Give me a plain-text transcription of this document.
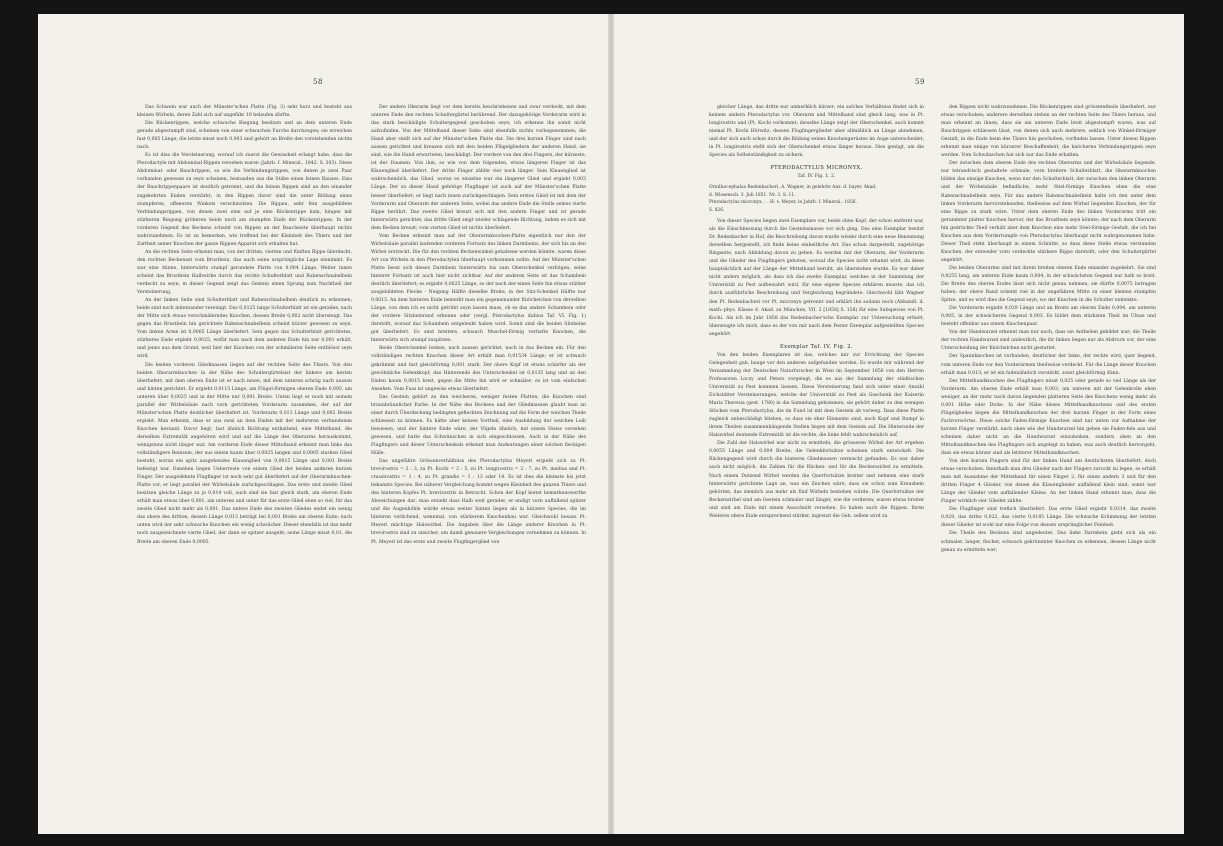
58

Das Schwein war auch der Münster'schen Platte (Fig. 3) sehr kurz und besteht aus kleinen Wirbeln, deren Zahl sich auf ungefähr 10 belaufen dürfte.

Die Rückenrippen, welche schwache Biegung besitzen und an dem unteren Ende gerade abgestumpft sind, scheinen von einer schwachen Furche durchzogen; sie erreichen fast 0,005 Länge, die letzte misst noch 0,003 und gehört an Breite den vorstehenden nichts nach.

Es ist dies die Versteinerung, worauf ich zuerst die Gewissheit erlangt habe, dass die Pterodactyle mit Abdominal-Rippen versehen waren (Jahrb. f. Mineral., 1842. S. 303). Diese Abdominal- oder Bauchrippen, so wie die Verbindungsrippen, von denen je zwei Paar vorhanden gewesen zu seyn scheinen, bestanden aus die Stäbe einen feinen Bauses. Eins der Bauchrippenpaare ist deutlich getrennt, und die feinen Rippen sind an den einander zugekehrten Enden verstärkt; in den Rippen davor sind die unter Bildung eines stumpferen, offeneren Winkels verschmolzen. Die Rippen, sehr fein ausgebildete Verbindungsrippen, von denen zwei eine auf je eine Rückenrippe kam, hingen mit stärkeren Biegung gröberen beide noch am stumpfen Ende der Rückenrippen. In der vorderen Gegend des Beckens scheint von Rippen an der Bauchseite überhaupt nichts wahrzunehmen. Es ist zu bemerken, wie treffend bei der Kleinheit des Thiers und der Zartheit seiner Knochen der ganze Rippen-Apparat sich erhalten hat.

An die rechten Seite erkennt man, von der dritten, vierten und fünften Rippe überdeckt, den rechten Beckenast vom Brustbein, das auch seine ursprüngliche Lage einnimmt. Es war eine dünne, hinterwärts stumpf gerundete Platte von 0,004 Länge. Weiter innen scheint das Brustbein Halbwirbe durch das rechte Schulterblatt und Rabenschnabelbein verdeckt zu seyn; in dieser Gegend zeigt das Gestein einen Sprung zum Nachtheil der Versteinerung.

An der linken Seite sind Schulterblatt und Rabenschnabelbein deutlich zu erkennen; beide sind noch miteinander vereinigt. Das 0,0125 lange Schulterblatt ist ein gerades, nach der Mitte sich etwas verschmälerndes Knochen, dessen Breite 0,002 nicht übersteigt. Das gegen das Brustbein hin gerichtete Rabenschnabelbein scheint kürzer gewesen zu seyn. Vom linken Arme ist 0,0065 Länge überliefert. Sein gegen das Schulterblatt gerichtetes, stärkeres Ende ergiebt 0,0025, wofür man nach dem anderen Ende hin nur 0,001 erhält, und jenes aus dem Grund, weil hier der Knochen von der schmäleren Seite entblösst seyn wird.

Die beiden vorderen Gliedmassen liegen auf der rechten Seite des Thiers. Von den beiden Oberarmknochen in der Nähe des Schultergürtelsist der linkere am besten überliefert; mit dem oberen Ende ist er nach innen, mit dem unteren schräg nach aussen und hinten gerichtet. Er ergiebt 0,0115 Länge, am Flügel-förmigen oberen Ende 0,005, am unteren über 0,0025 und in der Mitte nur 0,001 Breite. Unten liegt er noch mit seinem parallel der Wirbelsäule nach vorn gerichteten Vorderarm zusammen, der auf der Münster'schen Platte deutlicher überliefert ist. Vorderarm 0,013 Länge und 0,002 Breite ergiebt. Man erkennt, dass er aus zwei an dem Enden mit der mehreren verbundenen Knochen bestand. Davor liegt, fast ähnlich Richtung enthaltend, eine Mittelhand, die derselben Extremität angehören wird und auf die Länge des Oberarms herauskommt, wenigstens nicht länger war. Am vorderen Ende dieser Mittelhand erkennt man links das vollständigere Beinsein, der aus einem kaum über 0,0025 langen und 0,0005 starken Glied besteht, woran ein spitz ausgehendes Klauenglied von 0,0015 Länge und 0,001 Breite befestigt war. Daneben liegen Ueberreste von einem Glied der beiden anderen kurzen Finger. Der ausgedehnte Flugfinger ist noch sehr gut überliefert auf der Oberarmknochen-Platte vor, er liegt parallel der Wirbelsäule zurückgeschlagen. Das erste und zweite Glied besitzen gleiche Länge zu je 0,014 voll, auch sind sie fast gleich stark, am oberen Ende erhält man etwas über 0,001, am unteren und unter für das erste Glied eben so viel, für das zweite Glied nicht mehr als 0,001. Das untere Ende des zweiten Gliedes endet ein wenig das obere des dritten, dessen Länge 0,013 beträgt bei 0,001 Breite am oberen Ende; nach unten wird der sehr schwache Knochen ein wenig schwächer. Dieser ebenfalls ist das mehr noch ausgezeichnete vierte Glied, der dann es spitzer ausgeht; seine Länge misst 0,01, die Breite am oberen Ende 0,0005.

Der andere Oberarm liegt vor dem bereits beschriebenen und zwar verdeckt, mit dem unteren Ende den rechten Schultergürtel berührend. Der dazugehörige Vorderarm wird in das stark beschädigte Schultergegend geschoben seyn; ich erkenne ihn somit nicht aufzufinden. Von der Mittelhand dieser Seite sind ebenfalls nichts vorbegenommen; die Hand aber stellt sich auf der Münster'schen Platte dar. Die drei kurzen Finger sind nach aussen gerichtet und kreuzen sich mit den beiden Flügelgliedern der anderen Hand, sie sind, wie die Hand erwarteten, beschädigt. Der vordere von den drei Fingern, der kürzeste, ist der Daumen. Von ihm, so wie von dem folgenden, etwas längeren Finger ist das Klauenglied überliefert. Der dritte Finger zählte vier noch länger. Sein Klauenglied ist wahrscheinlich, das Glied, woran es einzelne war ein längerer Glied und ergiebt 0,003 Länge. Der zu dieser Hand gehörige Flugfinger ist auch auf der Münster'schen Platte besser überliefert; er liegt nach innen zurückgeschlagen. Sein erstes Glied ist mit dem der Vorderarm und Oberarm der anderen Seite, wobei das andere Ende die Stelle seines vierte Rippe berührt. Das zweite Glied kreuzt sich mit den andern Finger und ist gerade hinterwärts gerichtet; das dritte Glied zeigt wieder schlagende Richtung, indem es sich mit dem Becken kreuzt; vom vierten Glied ist nichts überliefert.

Vom Becken erkennt man auf der Oberarmknochen-Platte eigentlich nur den der Wirbelsäule parallel laufenden vorderen Fortsatz des linken Darmbeins, der sich bis an den Wirbel erstreckt. Die für den rechten Beckenwinkel gehaltene werden könnte, waren diese Art von Wirbeln in den Pterodactylen überhaupt vorkommen sollte. Auf der Münster'schen Platte liesst sich dieses Darmbein hinterwärts bis zum Oberschenkel verfolgen, seine hinterer Fortsatz ist auch hier nicht sichtbar. Auf der anderen Seite ist das Schambein deutlich überliefert; es ergiebt 0,0025 Länge, so der nach der einen Seite hin etwas stärker ausgebildeten Flecke - Neigung Hälfte dieselbe Breite, in der Sitz-Schenkel Hälfte nur 0,0015. An dem hinteren Ende bemerkt man ein gegeneinander Knöchelchen von derselben Länge, von dem ich es nicht getrübt seyn lassen muss, ob es das andere Schambein oder der vordere Sitzbeinrand erkenne oder (vergl. Pterodactylus dubius Taf. VI. Fig. 1) darstellt, worauf das Schambein entgelenkt haben wird. Somit sind die beiden Sitzbeine gut überliefert. Es sind breitere, schwach Muschel-förmig vertiefte Knochen, die hinterwärts sich stumpf zuspitzen.

Beide Oberschenkel lenken, nach aussen gerichtet, noch in das Becken ein. Für den vollständigen rechten Knochen dieser Art erhält man 0,01534 Länge; er ist schwach gekrümmt und fast gleichförmig 0,001 stark. Der obere Kopf ist etwas schärfer als der gewöhnliche Gelenkkopf; das Hinterende des Unterschenkel ist 0,0135 lang und an den Enden kaum 0,0015 breit, gegen die Mitte hin wird er schmäler; es ist vom einfachen Ansehen. Vom Fuss ist ungewiss etwas überliefert.

Das Gestein gehört zu den weicheren, weniger festen Platten, die Knochen sind braunbräunlicher Farbe. In der Nähe des Beckens und der Gliedmassen glaubt man an einer durch Überdeckung bedingten gefleckten Zeichnung auf die Form der weichen Theile schliessen zu können. Es hätte aber keinen Vortheil, eine Ausbildung der weichen Leib bewiesen, und der hintere Ende wäre, der Vögeln ähnlich, mit einem Steiss versehen gewesen, und hatte das Schwänzchen in sich eingeschlossen. Auch in der Nähe des Flugfingers und dieser Unterschenkels erkennt man Andeutungen einer solchen fleckigen Hülle.

Das ungefähre Grössenverhältniss des Pterodactylus Meyeri ergiebt sich zu Pt. brevirostris = 2 : 3, zu Pt. Kochi = 2 : 5, zu Pt. longirostris = 2 : 7, zu Pt. medius und Pt. crassirostris = 1 : 4, zu Pt. grandis = 1 : 13 oder 14. Es ist dies die kleinste bis jetzt bekannte Species. Bei näherer Vergleichung kommt wegen Kleinheit des ganzen Thiers und des hinteren Kopfes Pt. brevirostris in Betracht. Schon der Kopf bietet bemerkenswerthe Abweichungen dar; man ersieht dass Halb weit gerader, er endigt vorn auffallend spitzer und die Augenhöhle würde etwas weiter hinten liegen als in kürzere Species, die im hinteren verlichend, wennmal, von stärkerem Knochenbau war. Gleichwohl besass Pt. Meyeri mächtige Halswirbel. Die Angaben über die Länge anderer Knochen in Pt. brevirostris sind zu unsicher, um damit genauere Vergleichungen vornehmen zu können. In Pt. Meyeri ist das erste und zweite Flugfingerglied von

59

gleicher Länge, das dritte nur unmerklich kürzer; ein solches Verhältniss findet sich in keinem andern Pterodactylus vor. Oberarm und Mittelhand sind gleich lang, was in Pt. longirostris und (Pt. Kochi vorkommt; dieselbe Länge zeigt der Oberschenkel, auch kommt niemal Pt. Kochi Hörwitz, dessen Flugfingerglieder aber allmählich an Länge abnehmen, und der sich auch schon durch die Bildung seines Knochengerüstes im Auge unterscheidet; in Pt. longirostris stellt sich der Oberschenkel etwas länger heraus. Dies genügt, um die Species als Selbstständigkeit zu sichern.

PTERODACTYLUS MICRONYX.
Taf. IV. Fig. 1. 2.
Ornithocephalus Redenbacheri, A. Wagner, in gelehrte Anz. d. bayer. Akad.
d. Wissensch. 3. Juli 1851. Nr. 3. S. 11.
Pterodactylus micronyx, . . H. v. Meyer, in Jahrb. f. Mineral., 1856.
S. 826.

Von dieser Species liegen zwei Exemplare vor, beide ohne Kopf, der schon entfernt war, als die Einschliessung durch die Gesteinsmasse vor sich ging. Das eine Exemplar besitzt Dr. Redenbacher in Hof, die Beschreibung davon wurde wieder durch eine neue Benennung derselben hergestellt, ich finde keine einheitliche Art. Das schon dargestellt, zugehörige Ringseite, nach Abbildung davon zu geben. Es werden mir der Oberarm, der Vorderarm und die Glieder des Flugfingers geboten, worauf die Species nicht erkannt wird, da diese hauptsächlich auf der Länge der Mittelhand beruht, als überstehen wurde. Es war daher nicht anders möglich, als dass ich das zweite Exemplar, welches in der Sammlung der Universität zu Pest aufbewahrt wird, für eine eigene Species erklären musste, das ich durch ausführliche Beschreibung und Vergleichung begründete. Gleichwohl läht Wagner den Pt. Redenbacheri vor Pt. micronyx getrennt und erklärt ihn sodann noch (Abhandl. d. math.-phys. Klasse d. Akad. zu München, VII. 2 [1858] S. 158) für eine Subspecies von Pt. Kochi. Als ich im Jahr 1858 das Redenbacher'sche Exemplar zur Untersuchung erhielt, überzeugte ich mich, dass es der von mir nach dem Pester Exemplar aufgestellten Species angehört.

Exemplar Taf. IV. Fig. 2.

Von den beiden Exemplaren ist das, welches mir zur Errichtung der Species Gelegenheit gab, bauge vor den anderen aufgefunden worden. Es wurde mir während der Versammlung der Deutschen Naturforscher in Wien im September 1856 von den Herren Professoren Loczy und Peters vorgelegt, die es aus der Sammlung der städtischen Universität zu Pest kommen liessen. Diese Versteinerung fand sich unter einer Anzahl Eichstätter Versteinerungen, welche der Universität zu Pest als Geschenk der Kaiserin Maria Theresia (gest. 1780) in die Sammlung gekommen; sie gehört daher zu den wenigen Stücken vom Pterodactylus, die im Fund ist mit dem Gestein ab vorweg. Dass diese Platte zugleich unbeschädigt blieben, so dass sie eher Elemente sind, noch Kopf und Rumpf in ihrem Theilen zusammenhängende Stellen liegen mit dem Gestein auf. Die Hinterseite der Halswirbel deutende Extremität ist die rechte, die linke fehlt wahrscheinlich auf.

Die Zahl der Halswirbel war nicht zu ermitteln; die grösseren Wirbel der Art ergeben 0,0055 Länge und 0,004 Breite; die Gelenkfortsätze scheinen stark entwickelt. Die Rückengegend wird durch die hinteren Gliedmassen vermischt gefunden. Es war daher auch nicht möglich, die Zahlen für die Rücken- und für die Beckenwirbel zu ermitteln. Nach einem Dutzend Wirbel werden die Querfortsätze breiter und nehmen eine stark hinterwärts gerichtete Lage an, was ein Zeichen wäre, dass sie schon zum Kreuzbein gehörten, das ziemlich aus mehr als fünf Wirbeln bestehen würde. Die Querfortsätze der Beckenwirbel sind am Gestein schmaler und länger, wie die vorderen; waren etwas breiter und sind am Ende mit einem Ausschnitt versehen. Es haben auch die Rippen. Ihren Weiteres obere Ende entsprechend stärker, ingrenzt die Geb. selben wird zu

den Rippen nicht wahrzunehmen. Die Rückenrippen sind grösstentheils überliefert, nur etwas verschoben; anderere derselben stehen an der rechten Seite des Thiers heraus, und man erkennt an ihnen, dass sie am unteren Ende breit abgestumpft waren, was auf Bauchrippen schliessen lässt, von denen sich auch mehrere, seitlich von Winkel-förmiger Gestalt, in die Ende beim des Thiers hin geschoben, vorfinden lassen. Unter diesen Rippen erkennt man einige von kürzerer Beschaffenheit, die knöcherne Verbindungsrippen seyn werden. Vom Schwänzchen hat sich nur das Ende erhalten.

Der zwischen dem oberen Ende des rechten Oberarms und der Wirbelsäule liegende, nur tetraedrisch gestaltete schmale, vorn breitere Schulterblatt, die Oberarmknochen bilden das einzige Knochen, wenn nur den Schulterblatt, der zwischen den linken Oberarm und der Wirbelsäule befindliche, mehr Stiel-förmige Knochen eben die eine Rabenschnabelbein seyn. Für das andere Rabenschnabelbein halte ich den unter dem linken Vorderarm hervorstehenden, theilweise auf dem Wirbel liegenden Knochen, der für eine Rippe zu stark wäre. Unter dem oberen Ende des linken Vorderarms tritt ein gerundeter platter Knochen hervor, der das Brustbein seyn könnte; der nach dem Oberarm hin gedrückte Theil verhält aber dem Knochen eine mehr Stiel-förmige Gestalt, die ich bei Knochen aus dem Vorderrumpfe von Pterodactylus überhaupt nicht wahrgenommen habe. Dieser Theil steht überhaupt in einem Schnitte, so dass diese Stelle etwas verstanden Knochen, der entweder vorn verdeckte stärkere Rippe darstellt, oder den Schultergürtel angehört.

Die beiden Oberarme sind mit ihrem breiten oberen Ende einander zugekehrt. Sie sind 0,0255 lang, am unteren Ende kaum 0,004, in der schwächsten Gegend nur halb so breit. Die Breite des oberen Endes lässt sich nicht genau nehmen, sie dürfte 0,0075 betragen haben; der obere Rand scheint viel in der ungefähren Mitte zu einer kleinen stumpfen Spitze, und es wird dies die Gegend seyn, wo der Knochen in die Schulter einlenkte.

Die Vorderarm ergiebt 0,029 Länge und an Breite am oberen Ende 0,004, am unteren 0,005, in der schwächeren Gegend 0,003. Es bildet dem stärksten Theil im Ulnae und besteht offenbar aus einem Knochenpaar.

Von der Handwurzel erkennt man nur noch, dass sie Antheilen gebildet war; die Theile der rechten Handwurzel sind undeutlich, die ihr linken liegen nur als Abdruck vor, der eine Unterscheidung der Knöchelchen nicht gestattet.

Der Spannknochen ist vorhanden, deutlicher der linke, der rechte wird, quer liegend, vom unteren Ende vor den Vorderarmen theilweise verdeckt. Für die Länge dieser Knochen erhält man 0,013; er ist ein fadenähnlich verstärkt, sonst gleichförmig dünn.

Der Mittelhandknochen des Flugfingers misst 0,025 oder gerade so viel Länge als der Vorderarm. Am oberen Ende erhält man 0,003, am unteren mit der Gelenkrolle eben weniger, an der mehr nach davon liegenden platteren Seite des Knochens wenig mehr als 0,001 Höhe oder Dicke. In der Nähe dieses Mittelhandknochens und des ersten Flügelgliedes liegen die Mittelhandknochen der drei kurzen Finger in der Form eines Fachvorwörtes. Diese solche Faden-förmige Knochen sind nur unten zur Aufnahme der kurzen Finger verstärkt, nach oben wie der Handwurzel hin gehen sie Faden-fein aus und scheinen daher nicht an die Handwurzel einzulenken, sondern oben an den Mittelhandknochen des Flugfingers sich angelegt zu haben, was auch deutlich hervorgeht, dass sie etwas kürzer sind als letzterer Mittelhandknochen.

Von den kurzen Fingern sind für der linken Hand am deutlichsten überliefert, doch etwas verschoben. Innerhalb man drei Glieder nach der Fingers zuruckt zu legen, es erhält man mit Ausnahme der Mittelhand für einen Finger 2, für einen andern 3 und für den dritten Finger 4 Glieder, von denen die Klauenglieder auffallend klein sind; somit war Länge der Glieder vom auffallender Kleine. An der linken Hand erkennt man, dass die Finger wirklich vier Glieder zählte.

Die Flugfinger sind treflich überliefert. Das erste Glied ergiebt 0,0314, das zweite 0,029, das dritte 0,022, das vierte 0,0185 Länge. Die schwache Krümmung der letzten dieser Glieder ist wohl nur eine Folge von dessen ursprünglicher Feinheit.

Die Theile des Beckens sind ungedeutet. Das linke Darmbein giebt sich als ein schmaler, langer, flacher, schwach gekrümmter Knochen zu erkennen, dessen Länge nicht genau zu ermitteln war;
